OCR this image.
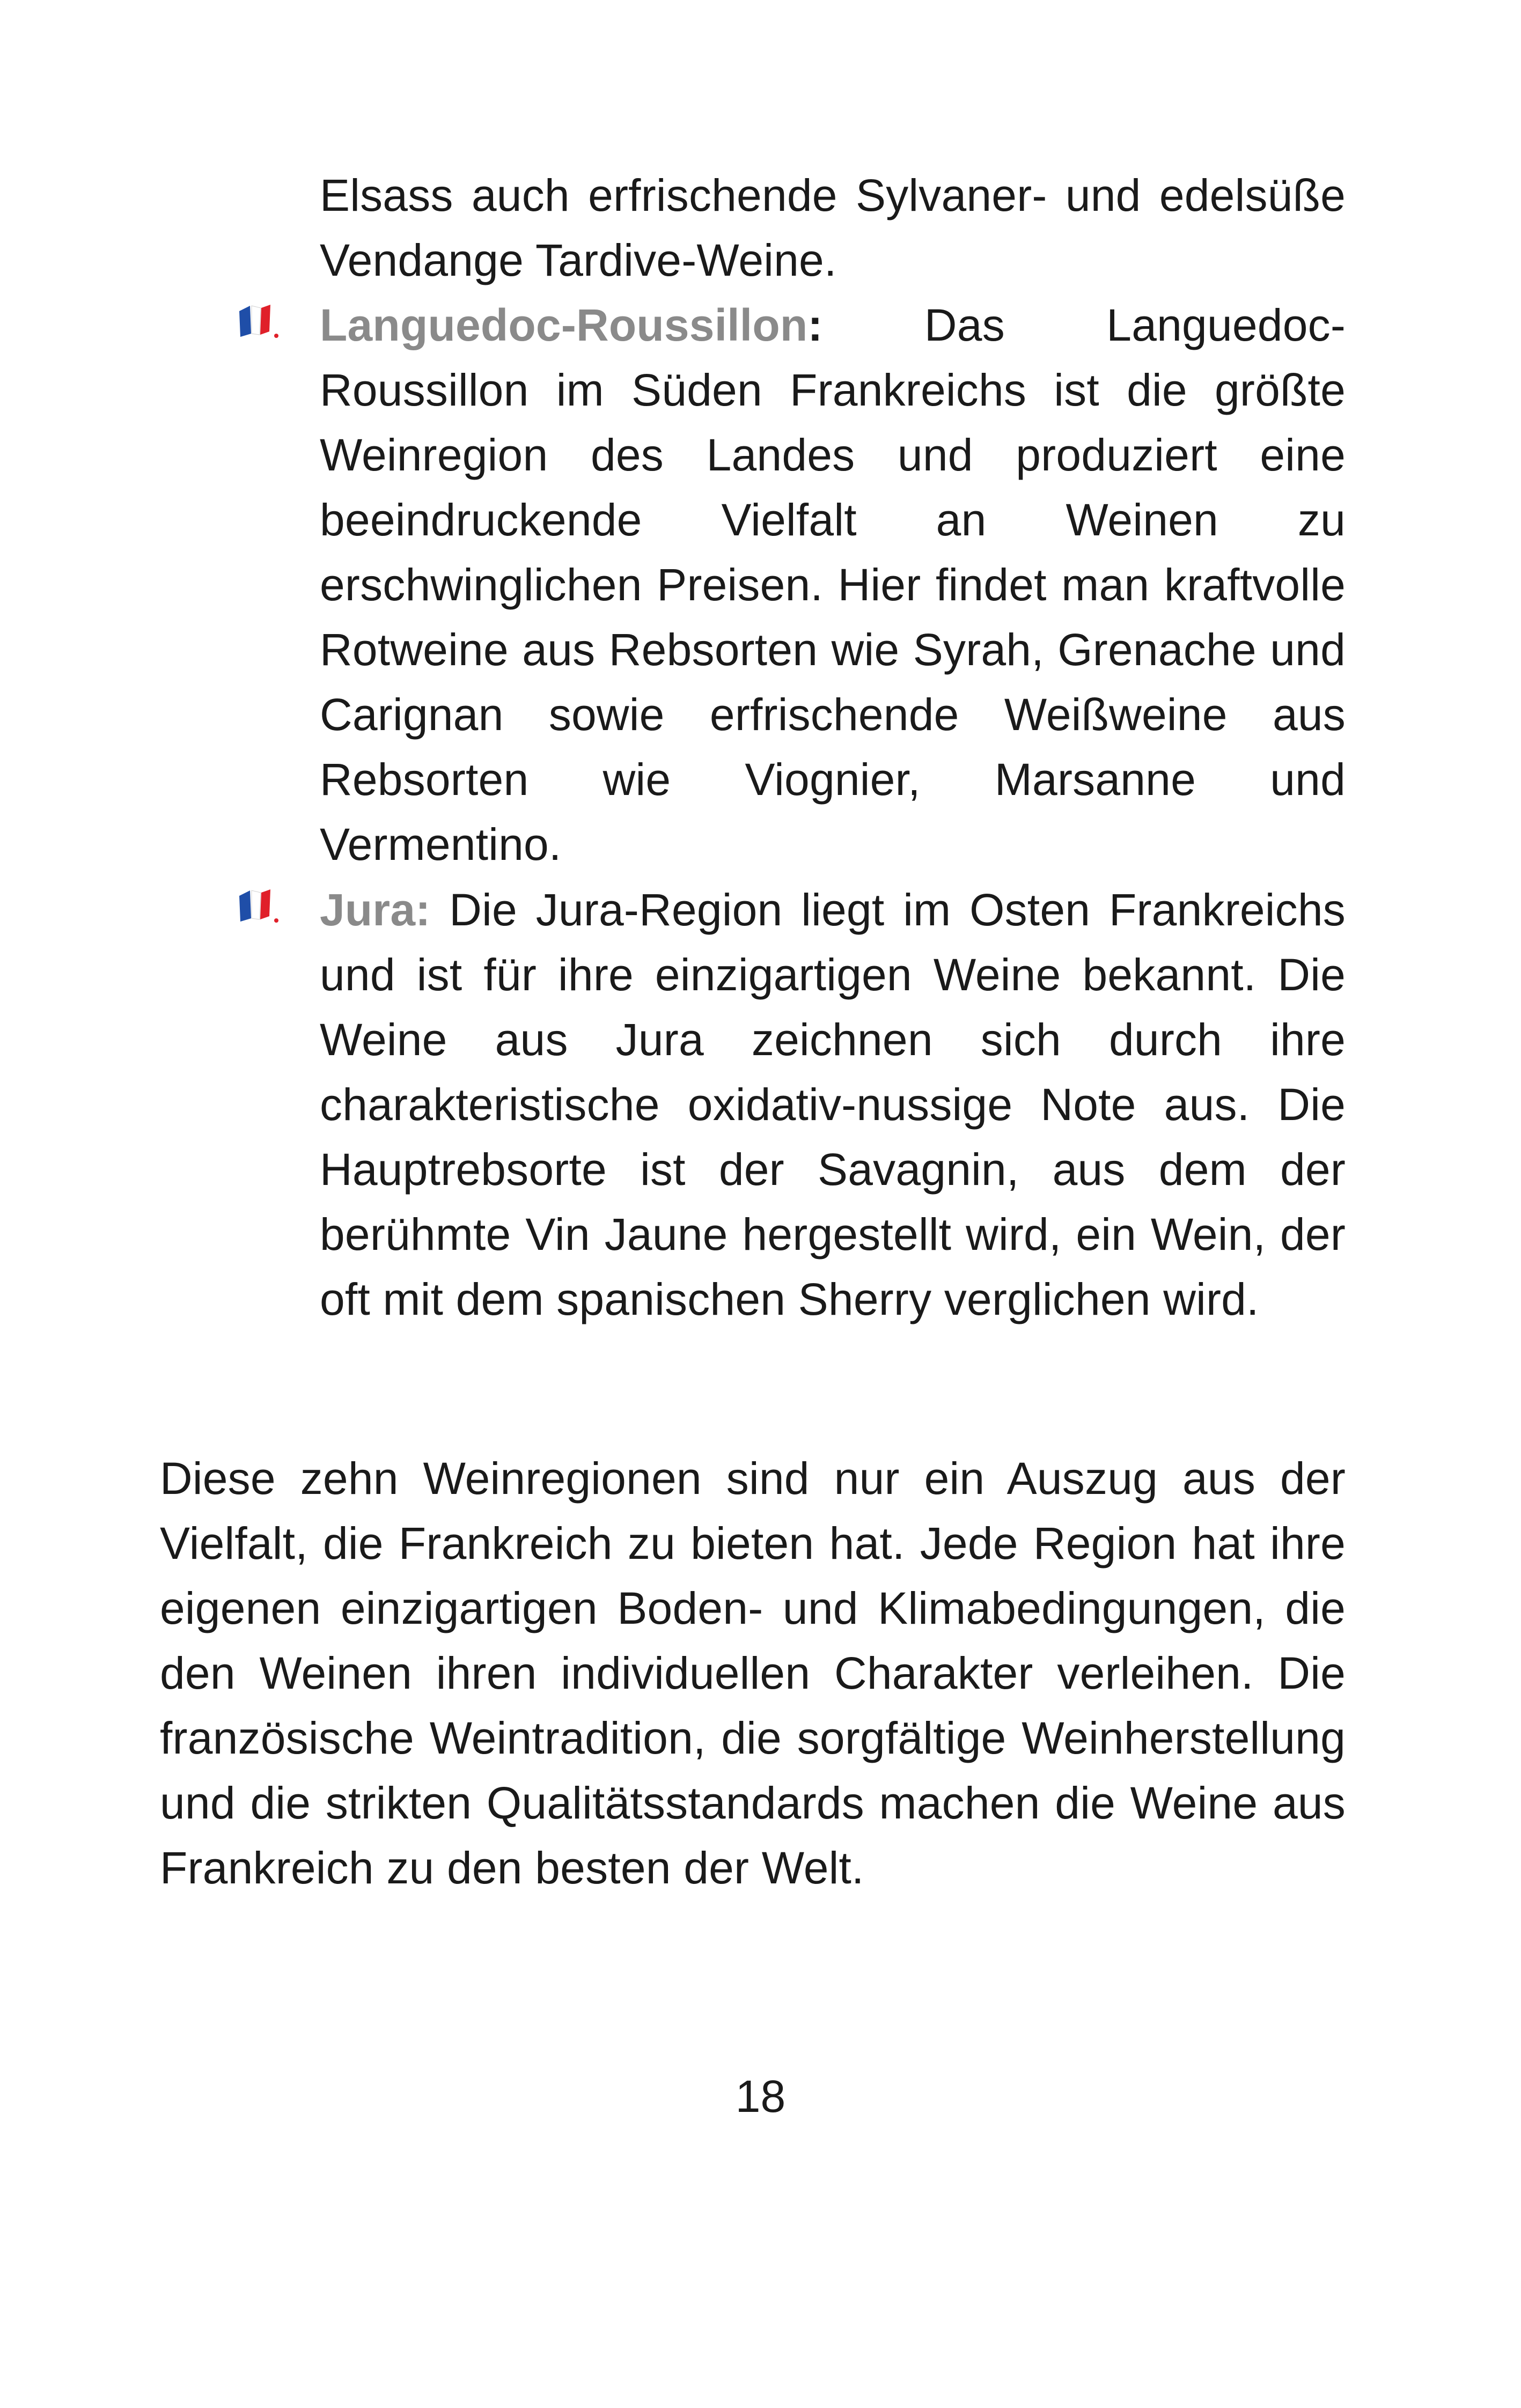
Elsass auch erfrischende Sylvaner- und edelsüße Vendange Tardive-Weine.
Languedoc-Roussillon: Das Languedoc-Roussillon im Süden Frankreichs ist die größte Weinregion des Landes und produziert eine beeindruckende Vielfalt an Weinen zu erschwinglichen Preisen. Hier findet man kraftvolle Rotweine aus Rebsorten wie Syrah, Grenache und Carignan sowie erfrischende Weißweine aus Rebsorten wie Viognier, Marsanne und Vermentino.
Jura: Die Jura-Region liegt im Osten Frankreichs und ist für ihre einzigartigen Weine bekannt. Die Weine aus Jura zeichnen sich durch ihre charakteristische oxidativ-nussige Note aus. Die Hauptrebsorte ist der Savagnin, aus dem der berühmte Vin Jaune hergestellt wird, ein Wein, der oft mit dem spanischen Sherry verglichen wird.
Diese zehn Weinregionen sind nur ein Auszug aus der Vielfalt, die Frankreich zu bieten hat. Jede Region hat ihre eigenen einzigartigen Boden- und Klimabedingungen, die den Weinen ihren individuellen Charakter verleihen. Die französische Weintradition, die sorgfältige Weinherstellung und die strikten Qualitätsstandards machen die Weine aus Frankreich zu den besten der Welt.
18
